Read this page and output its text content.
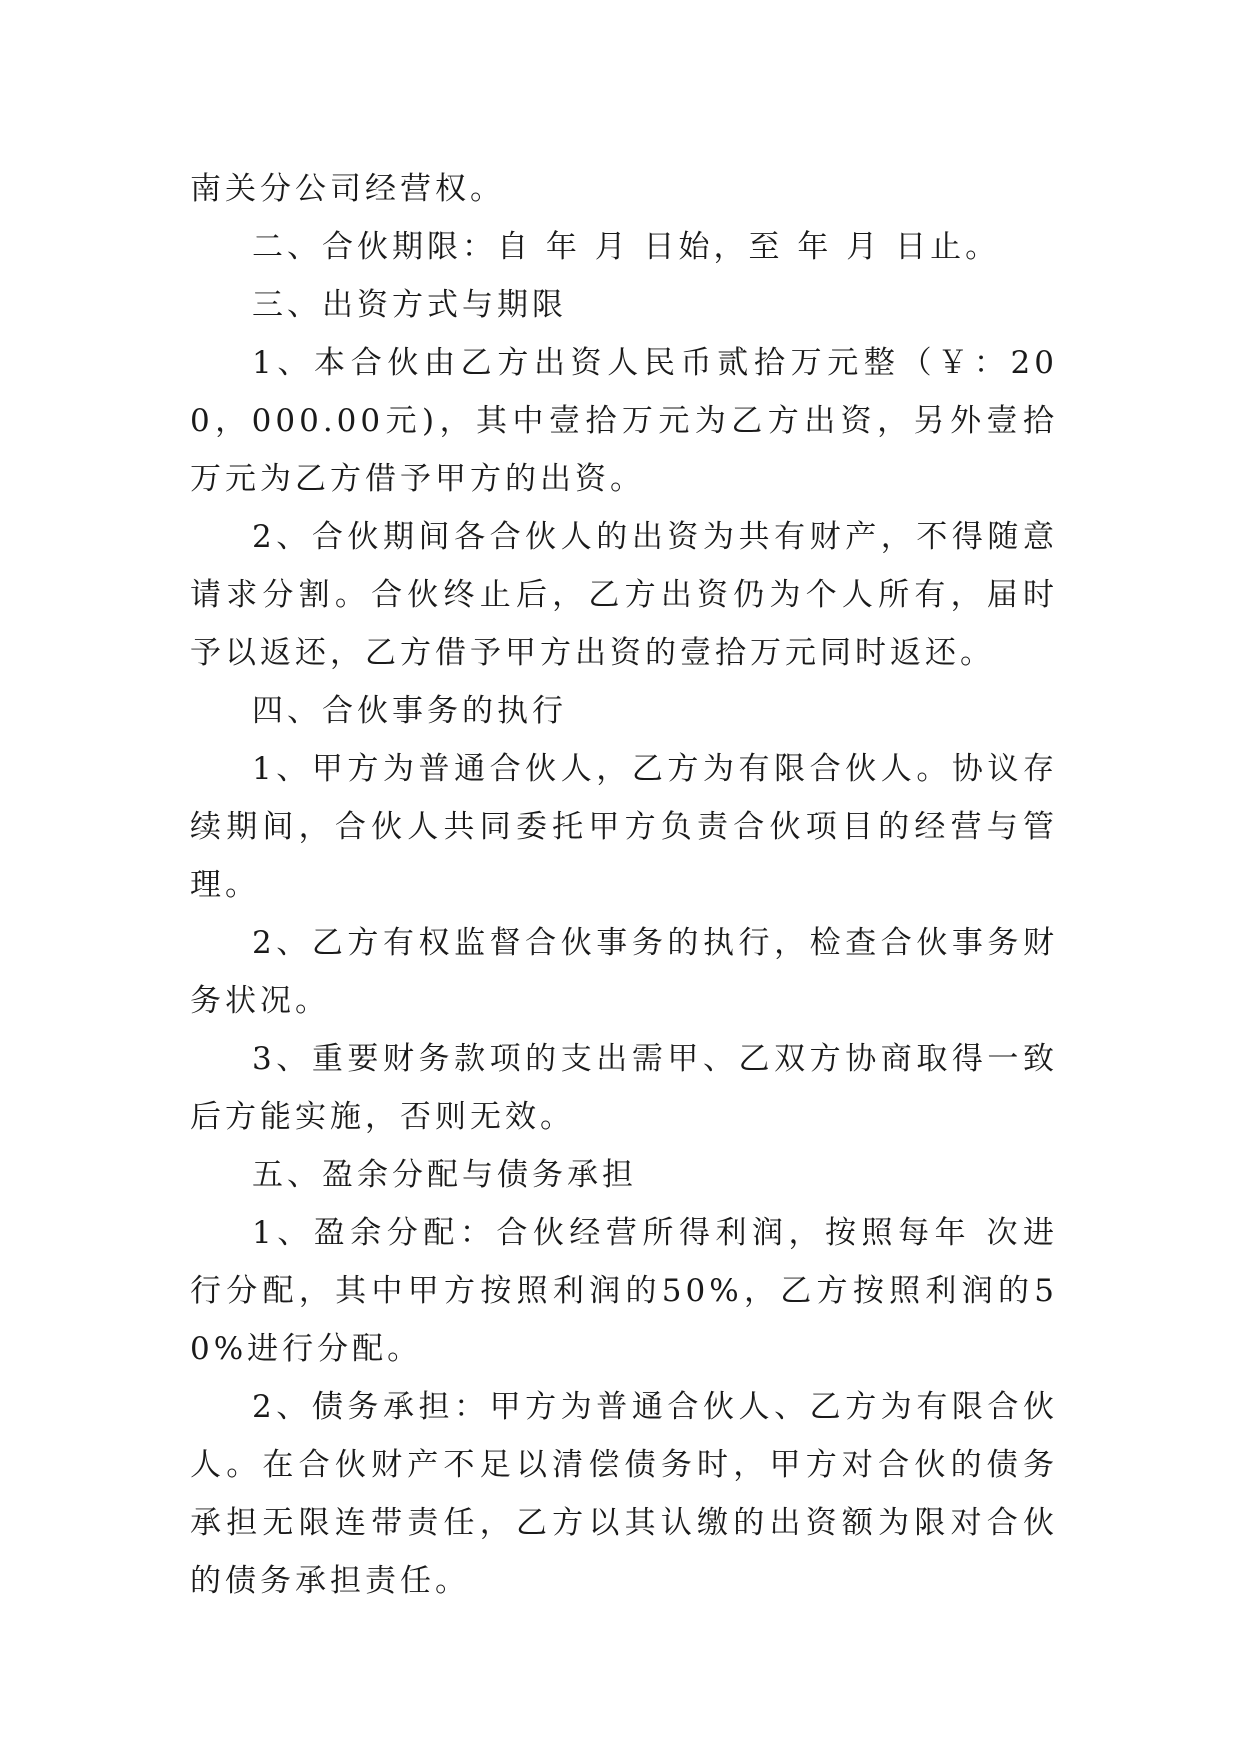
南关分公司经营权。

二、合伙期限：自 年 月 日始，至 年 月 日止。

三、出资方式与期限

1、本合伙由乙方出资人民币贰拾万元整（￥：200，000.00元)，其中壹拾万元为乙方出资，另外壹拾万元为乙方借予甲方的出资。

2、合伙期间各合伙人的出资为共有财产，不得随意请求分割。合伙终止后，乙方出资仍为个人所有，届时予以返还，乙方借予甲方出资的壹拾万元同时返还。

四、合伙事务的执行

1、甲方为普通合伙人，乙方为有限合伙人。协议存续期间，合伙人共同委托甲方负责合伙项目的经营与管理。

2、乙方有权监督合伙事务的执行，检查合伙事务财务状况。

3、重要财务款项的支出需甲、乙双方协商取得一致后方能实施，否则无效。

五、盈余分配与债务承担

1、盈余分配：合伙经营所得利润，按照每年 次进行分配，其中甲方按照利润的50%，乙方按照利润的50%进行分配。

2、债务承担：甲方为普通合伙人、乙方为有限合伙人。在合伙财产不足以清偿债务时，甲方对合伙的债务承担无限连带责任，乙方以其认缴的出资额为限对合伙的债务承担责任。
